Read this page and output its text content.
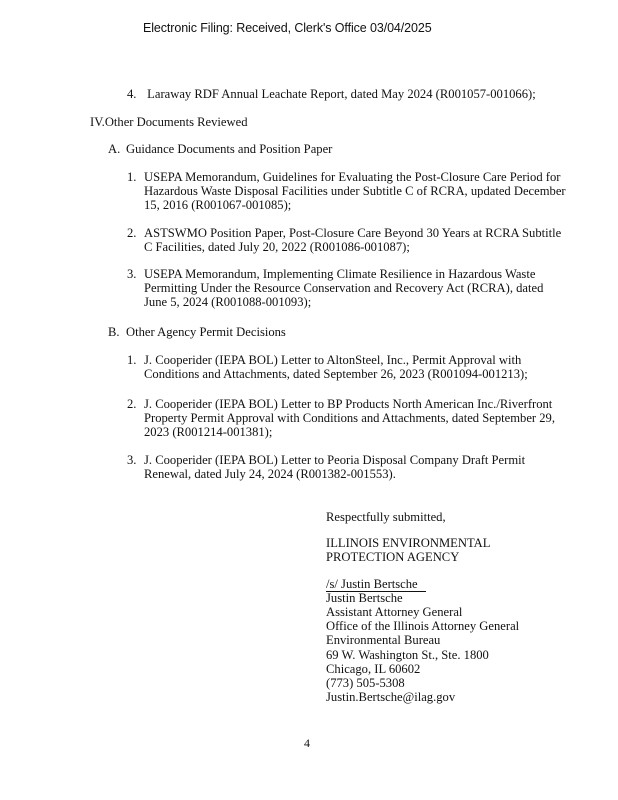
Electronic Filing: Received, Clerk's Office 03/04/2025
4. Laraway RDF Annual Leachate Report, dated May 2024 (R001057-001066);
IV.Other Documents Reviewed
A. Guidance Documents and Position Paper
1. USEPA Memorandum, Guidelines for Evaluating the Post-Closure Care Period for
Hazardous Waste Disposal Facilities under Subtitle C of RCRA, updated December
15, 2016 (R001067-001085);
2. ASTSWMO Position Paper, Post-Closure Care Beyond 30 Years at RCRA Subtitle
C Facilities, dated July 20, 2022 (R001086-001087);
3. USEPA Memorandum, Implementing Climate Resilience in Hazardous Waste
Permitting Under the Resource Conservation and Recovery Act (RCRA), dated
June 5, 2024 (R001088-001093);
B. Other Agency Permit Decisions
1. J. Cooperider (IEPA BOL) Letter to AltonSteel, Inc., Permit Approval with
Conditions and Attachments, dated September 26, 2023 (R001094-001213);
2. J. Cooperider (IEPA BOL) Letter to BP Products North American Inc./Riverfront
Property Permit Approval with Conditions and Attachments, dated September 29,
2023 (R001214-001381);
3. J. Cooperider (IEPA BOL) Letter to Peoria Disposal Company Draft Permit
Renewal, dated July 24, 2024 (R001382-001553).
Respectfully submitted,
ILLINOIS ENVIRONMENTAL
PROTECTION AGENCY
/s/ Justin Bertsche
Justin Bertsche
Assistant Attorney General
Office of the Illinois Attorney General
Environmental Bureau
69 W. Washington St., Ste. 1800
Chicago, IL 60602
(773) 505-5308
Justin.Bertsche@ilag.gov
4
